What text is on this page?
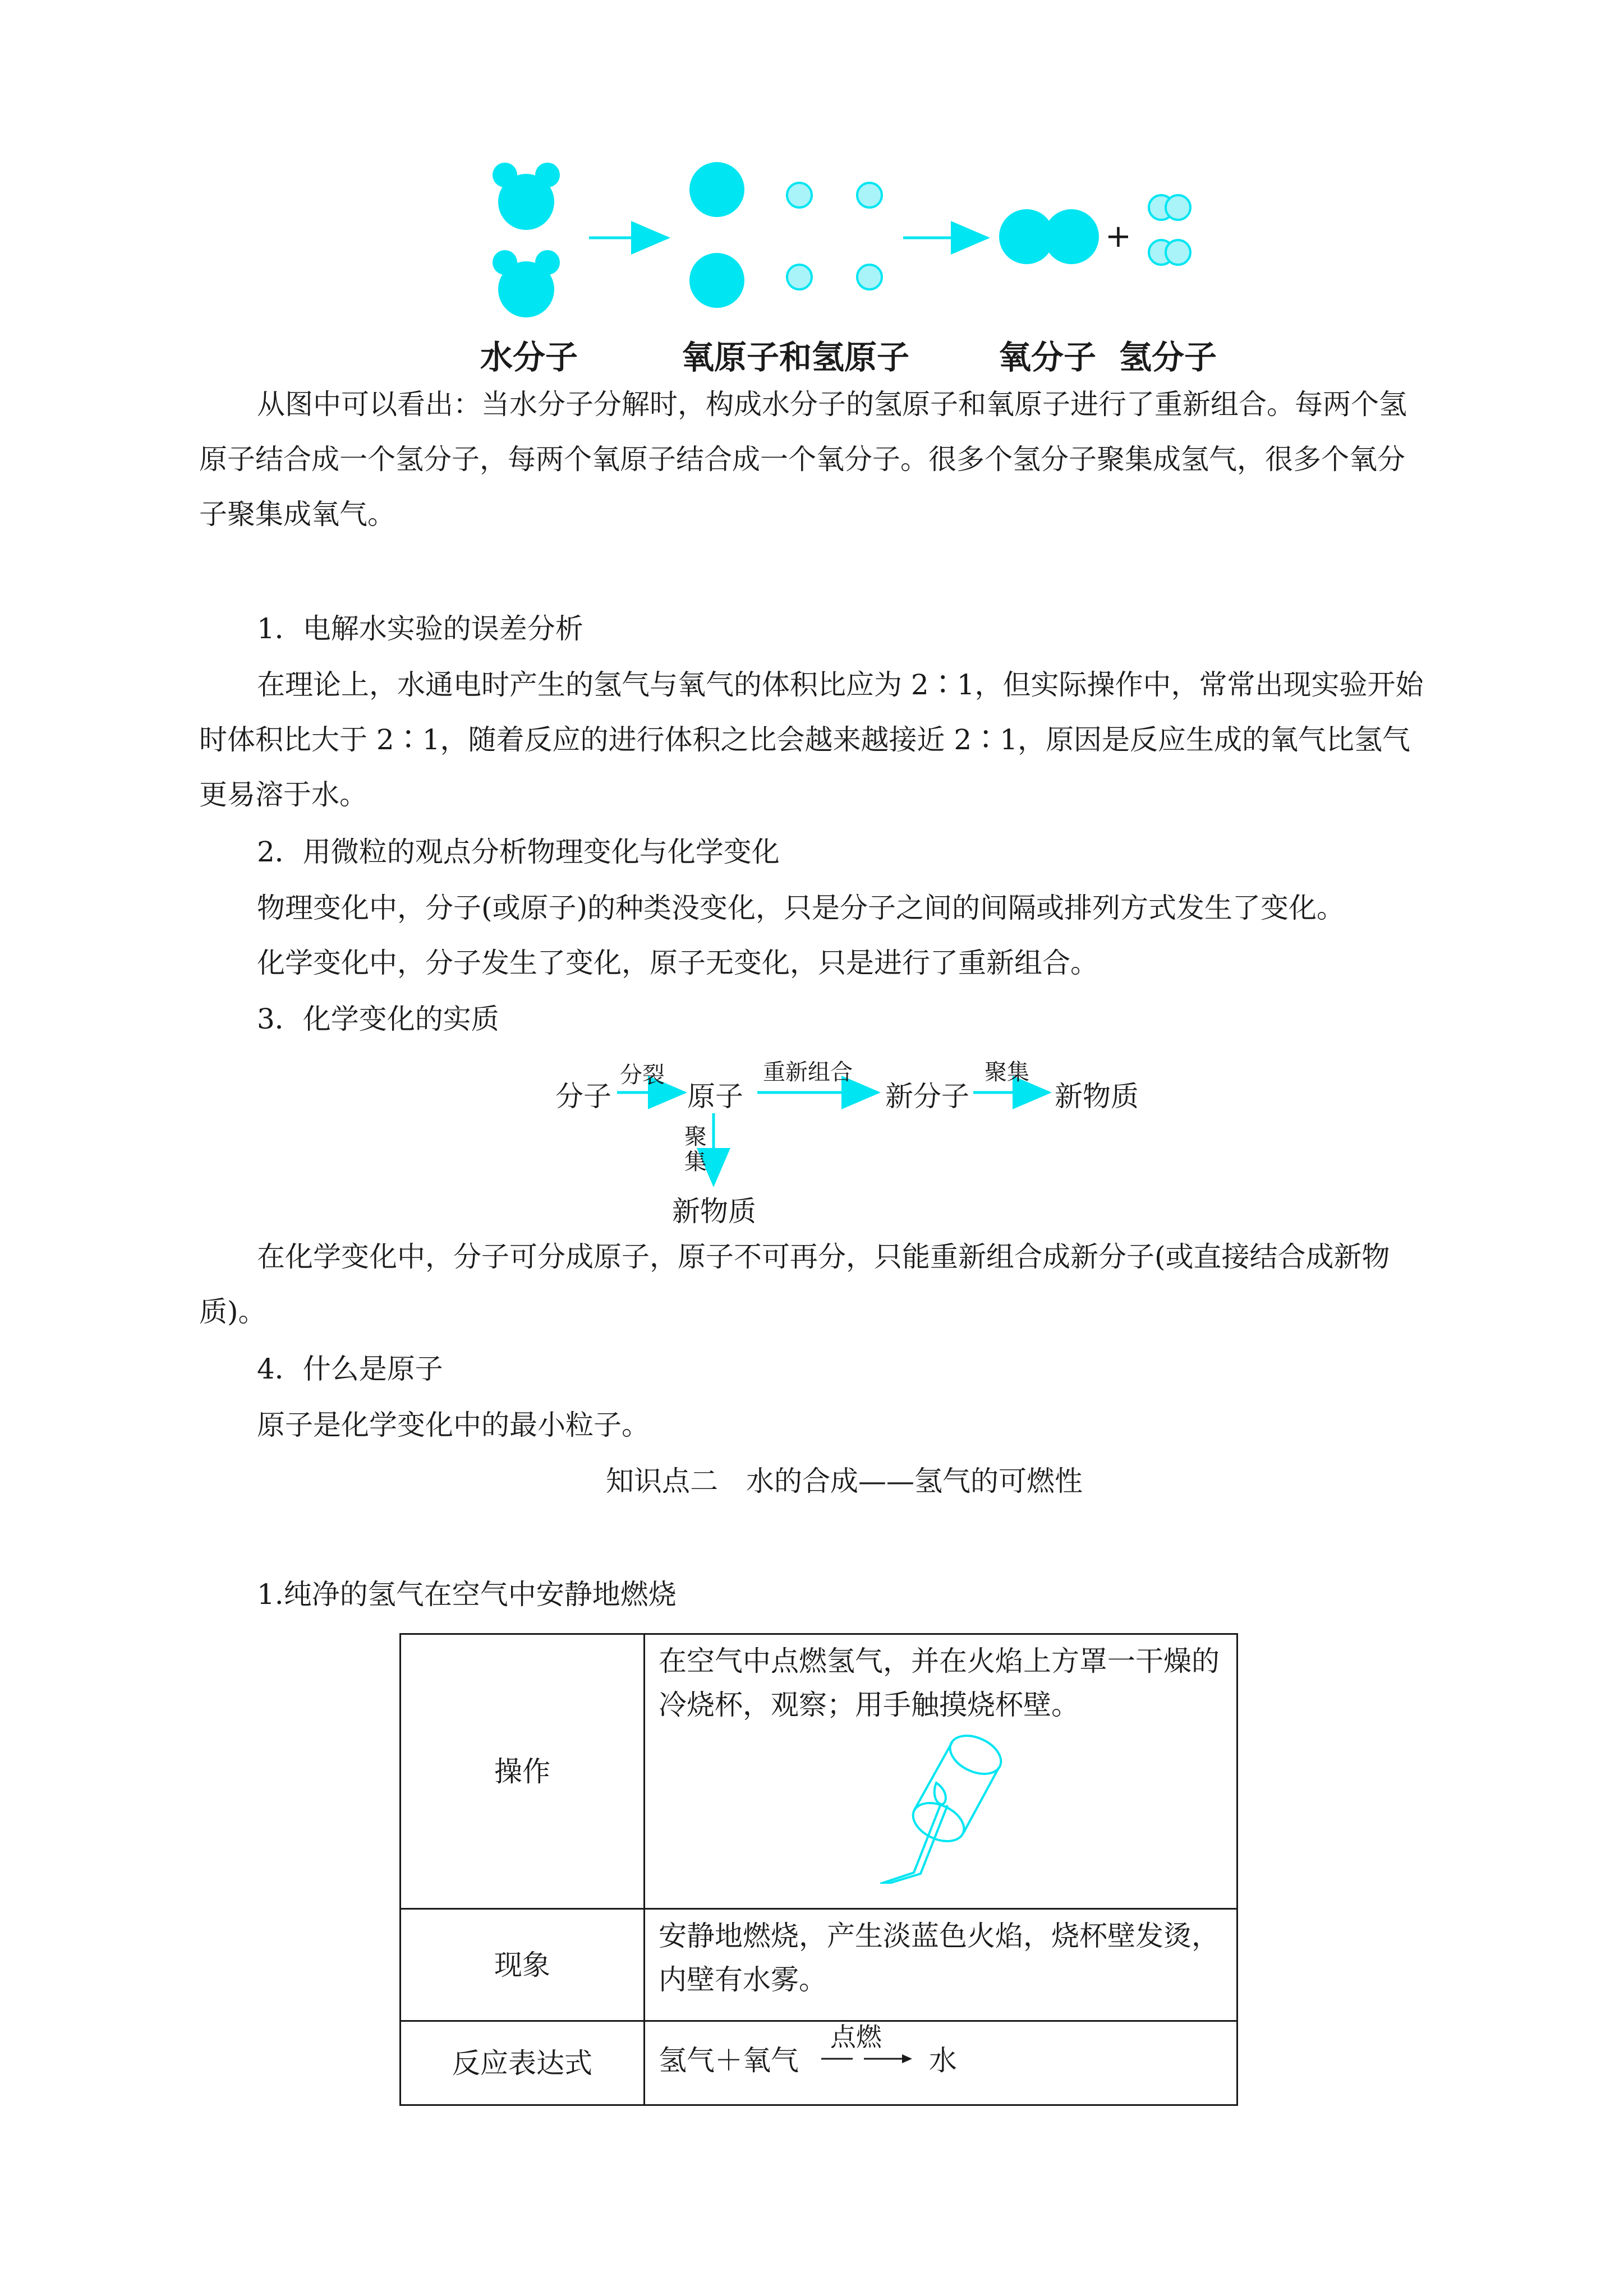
+
水分子	氧原子和氢原子	氧分子 氢分子
从图中可以看出：当水分子分解时，构成水分子的氢原子和氧原子进行了重新组合。每两个氢
原子结合成一个氢分子，每两个氧原子结合成一个氧分子。很多个氢分子聚集成氢气，很多个氧分
子聚集成氧气。
1．电解水实验的误差分析
在理论上，水通电时产生的氢气与氧气的体积比应为 2∶1，但实际操作中，常常出现实验开始
时体积比大于 2∶1，随着反应的进行体积之比会越来越接近 2∶1，原因是反应生成的氧气比氢气
更易溶于水。
2．用微粒的观点分析物理变化与化学变化
物理变化中，分子(或原子)的种类没变化，只是分子之间的间隔或排列方式发生了变化。
化学变化中，分子发生了变化，原子无变化，只是进行了重新组合。
3．化学变化的实质
分子
分裂
原子
重新组合
新分子
聚集
新物质
聚
集
新物质
在化学变化中，分子可分成原子，原子不可再分，只能重新组合成新分子(或直接结合成新物
质)。
4．什么是原子
原子是化学变化中的最小粒子。
知识点二　水的合成——氢气的可燃性
1.纯净的氢气在空气中安静地燃烧
操作	在空气中点燃氢气，并在火焰上方罩一干燥的冷烧杯，观察；用手触摸烧杯壁。

现象	安静地燃烧，产生淡蓝色火焰，烧杯壁发烫，内壁有水雾。
反应表达式	氢气＋氧气
点燃
水
